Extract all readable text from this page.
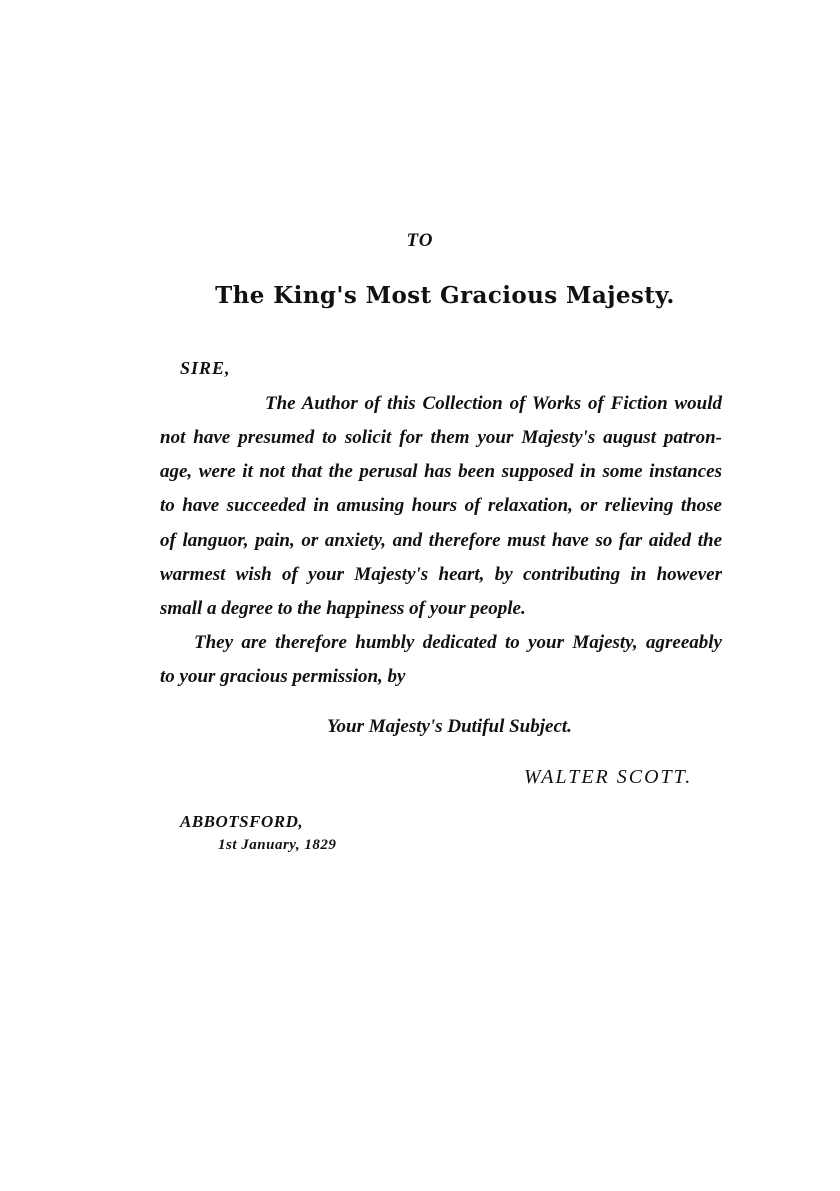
TO
The King's Most Gracious Majesty.
SIRE,
The Author of this Collection of Works of Fiction would
not have presumed to solicit for them your Majesty's august patron-
age, were it not that the perusal has been supposed in some instances
to have succeeded in amusing hours of relaxation, or relieving those
of languor, pain, or anxiety, and therefore must have so far aided the
warmest wish of your Majesty's heart, by contributing in however
small a degree to the happiness of your people.
They are therefore humbly dedicated to your Majesty, agreeably
to your gracious permission, by
Your Majesty's Dutiful Subject.
WALTER SCOTT.
ABBOTSFORD,
1st January, 1829
